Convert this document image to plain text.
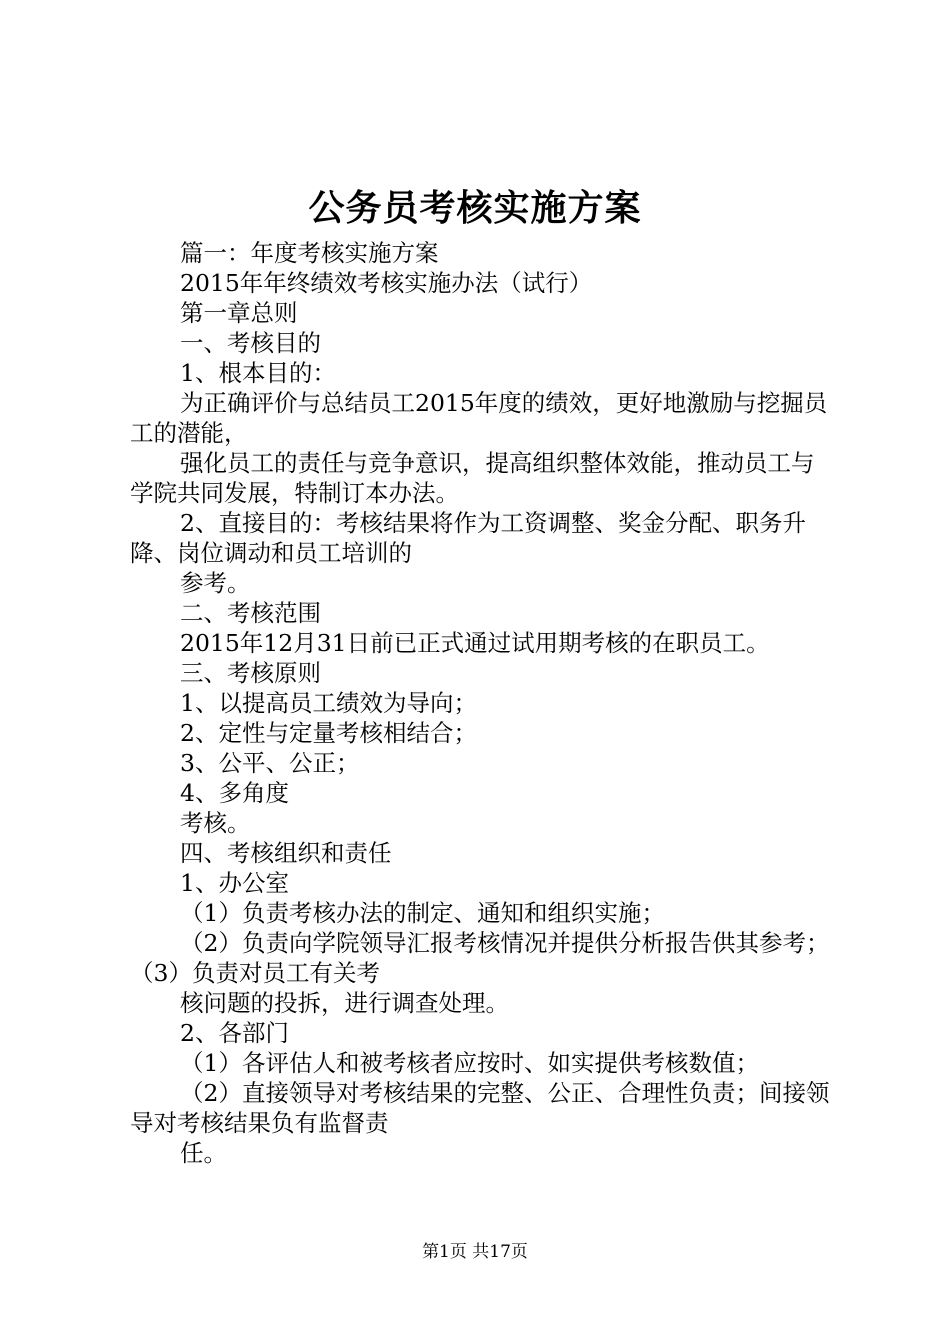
公务员考核实施方案
篇一：年度考核实施方案
2015年年终绩效考核实施办法（试行）
第一章总则
一、考核目的
1、根本目的：
为正确评价与总结员工2015年度的绩效，更好地激励与挖掘员工的潜能，
强化员工的责任与竞争意识，提高组织整体效能，推动员工与学院共同发展，特制订本办法。
2、直接目的：考核结果将作为工资调整、奖金分配、职务升降、岗位调动和员工培训的
参考。
二、考核范围
2015年12月31日前已正式通过试用期考核的在职员工。
三、考核原则
1、以提高员工绩效为导向；
2、定性与定量考核相结合；
3、公平、公正；
4、多角度
考核。
四、考核组织和责任
1、办公室
（1）负责考核办法的制定、通知和组织实施；
（2）负责向学院领导汇报考核情况并提供分析报告供其参考；（3）负责对员工有关考
核问题的投拆，进行调查处理。
2、各部门
（1）各评估人和被考核者应按时、如实提供考核数值；
（2）直接领导对考核结果的完整、公正、合理性负责；间接领导对考核结果负有监督责
任。
第1页 共17页
